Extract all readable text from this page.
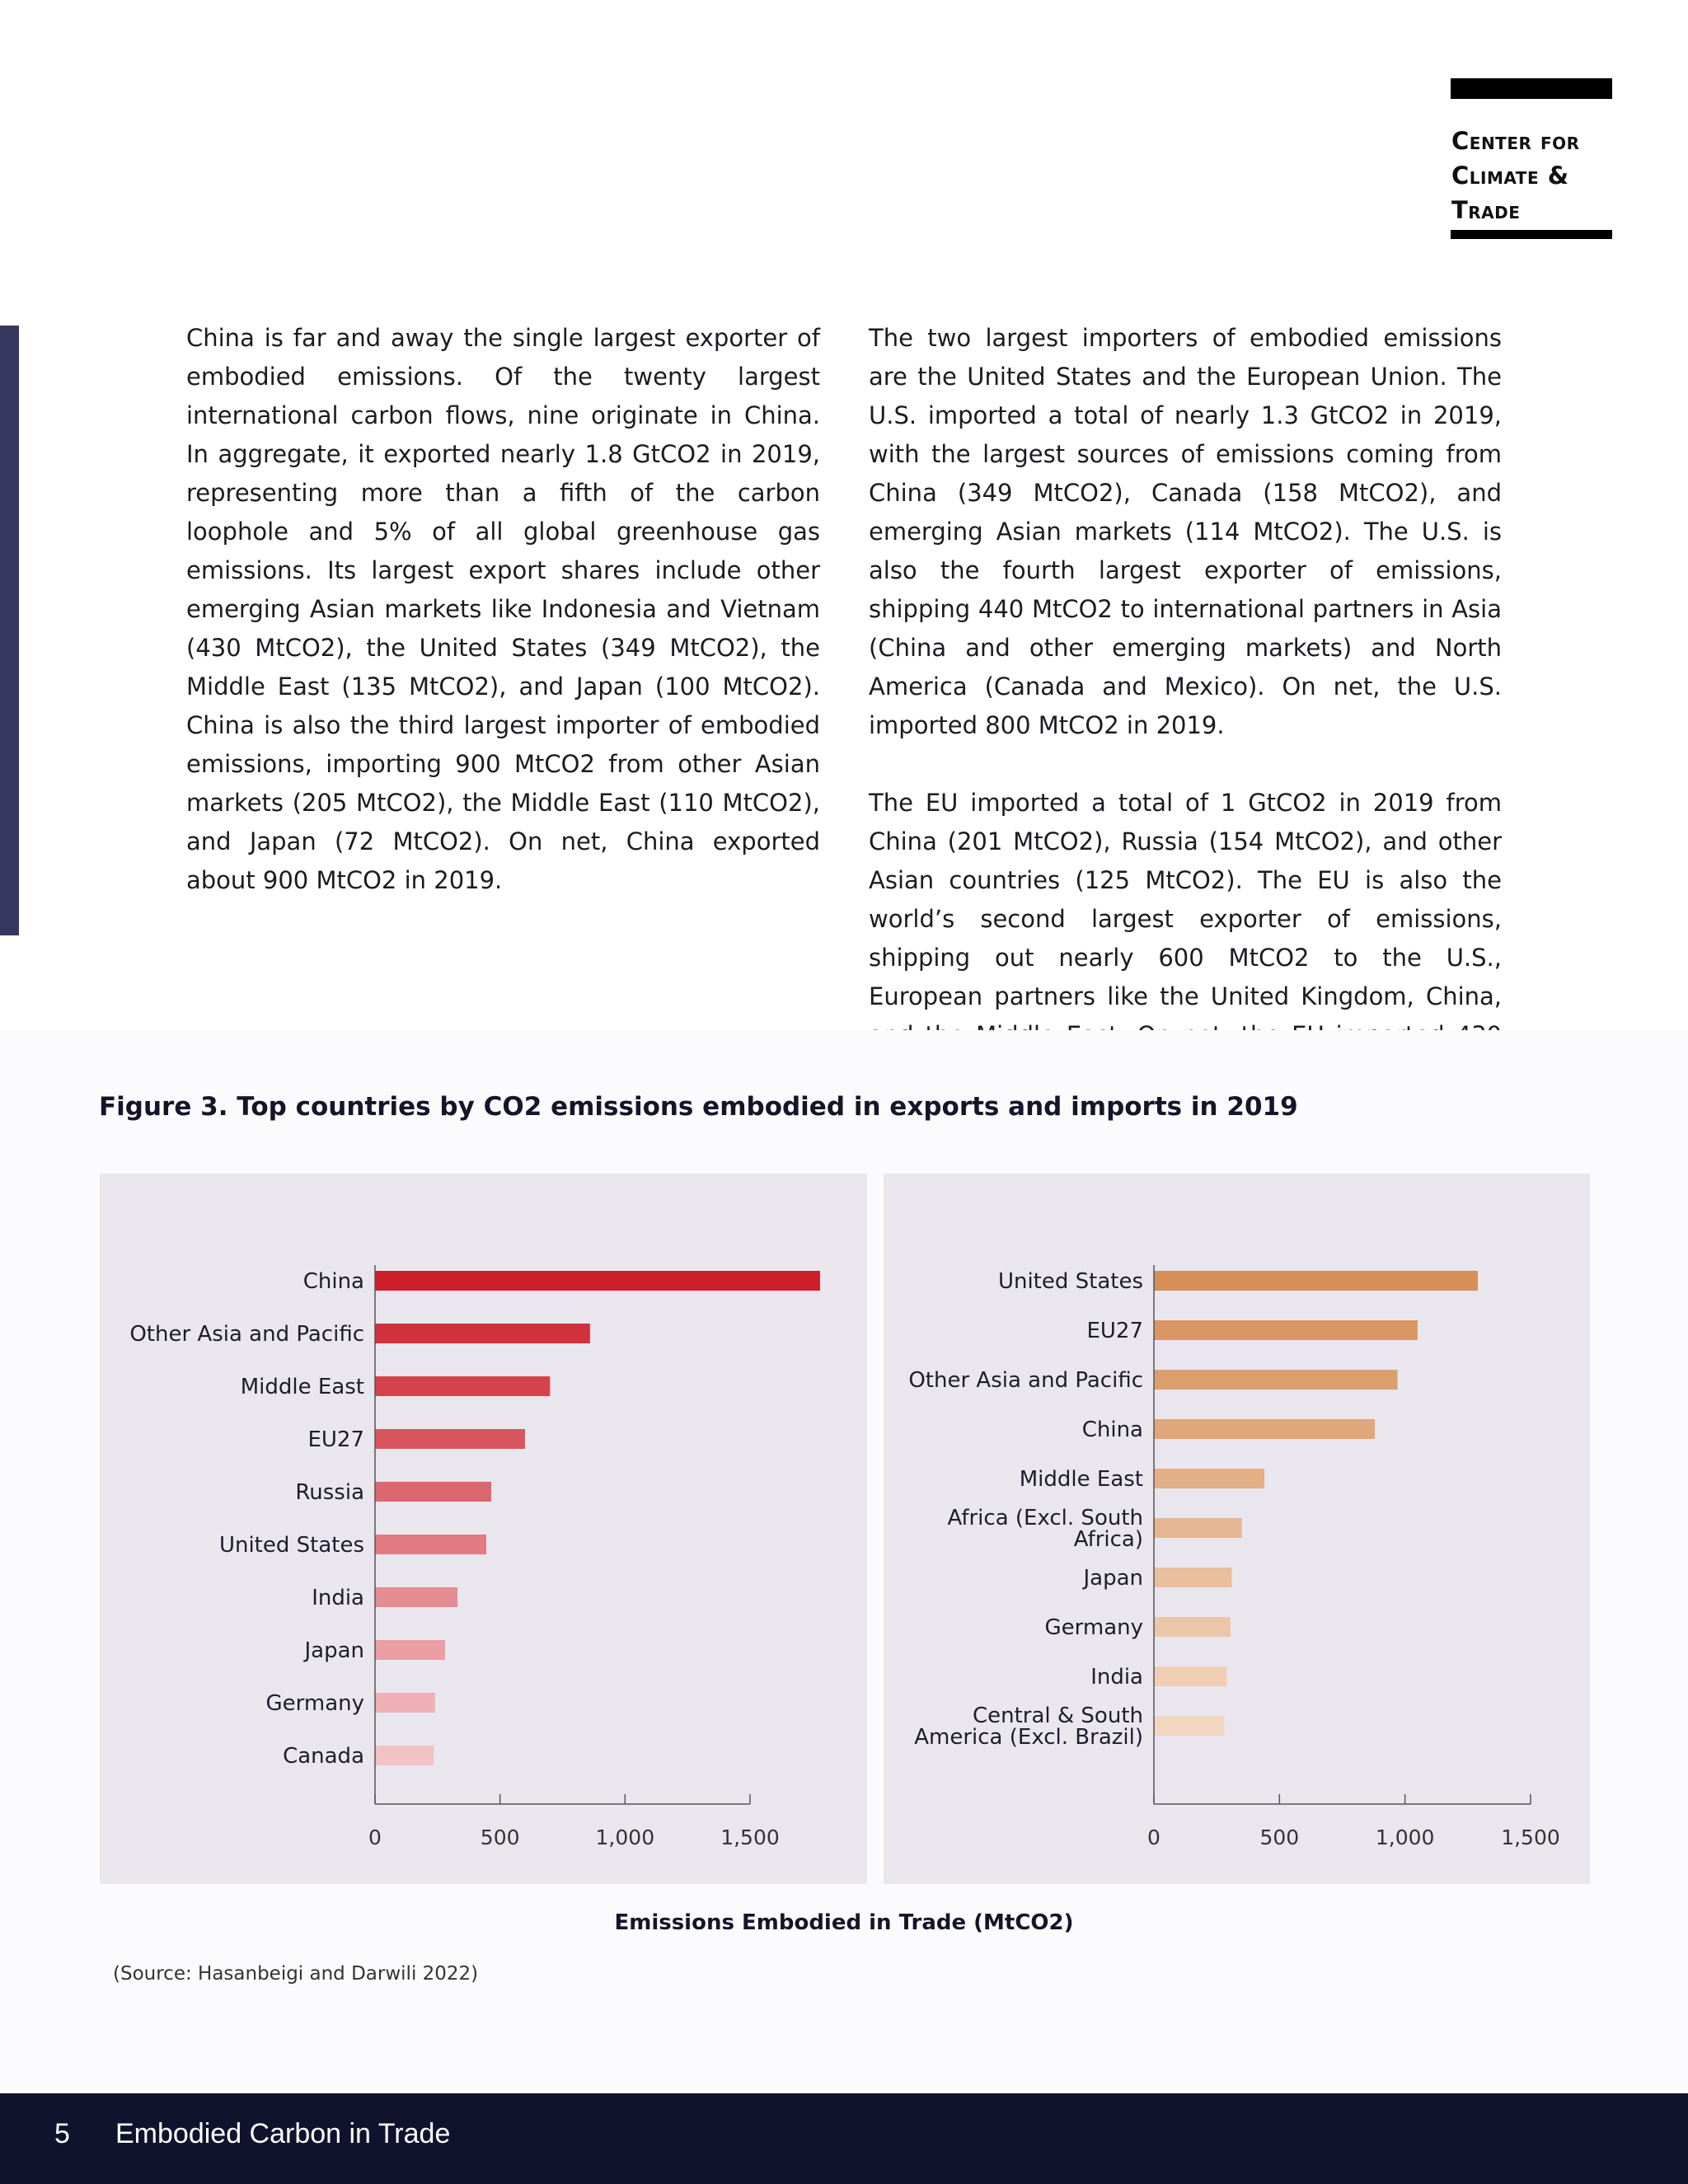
Center for
Climate &
Trade

China is far and away the single largest exporter of embodied emissions. Of the twenty largest international carbon flows, nine originate in China. In aggregate, it exported nearly 1.8 GtCO2 in 2019, representing more than a fifth of the carbon loophole and 5% of all global greenhouse gas emissions. Its largest export shares include other emerging Asian markets like Indonesia and Vietnam (430 MtCO2), the United States (349 MtCO2), the Middle East (135 MtCO2), and Japan (100 MtCO2). China is also the third largest importer of embodied emissions, importing 900 MtCO2 from other Asian markets (205 MtCO2), the Middle East (110 MtCO2), and Japan (72 MtCO2). On net, China exported about 900 MtCO2 in 2019.

The two largest importers of embodied emissions are the United States and the European Union. The U.S. imported a total of nearly 1.3 GtCO2 in 2019, with the largest sources of emissions coming from China (349 MtCO2), Canada (158 MtCO2), and emerging Asian markets (114 MtCO2). The U.S. is also the fourth largest exporter of emissions, shipping 440 MtCO2 to international partners in Asia (China and other emerging markets) and North America (Canada and Mexico). On net, the U.S. imported 800 MtCO2 in 2019.

The EU imported a total of 1 GtCO2 in 2019 from China (201 MtCO2), Russia (154 MtCO2), and other Asian countries (125 MtCO2). The EU is also the world’s second largest exporter of emissions, shipping out nearly 600 MtCO2 to the U.S., European partners like the United Kingdom, China,

Figure 3. Top countries by CO2 emissions embodied in exports and imports in 2019
China
Other Asia and Pacific
Middle East
EU27
Russia
United States
India
Japan
Germany
Canada
0	500	1,000	1,500
United States
EU27
Other Asia and Pacific
China
Middle East
Africa (Excl. South Africa)
Japan
Germany
India
Central & South America (Excl. Brazil)
0	500	1,000	1,500
Emissions Embodied in Trade (MtCO2)
(Source: Hasanbeigi and Darwili 2022)
5 Embodied Carbon in Trade
